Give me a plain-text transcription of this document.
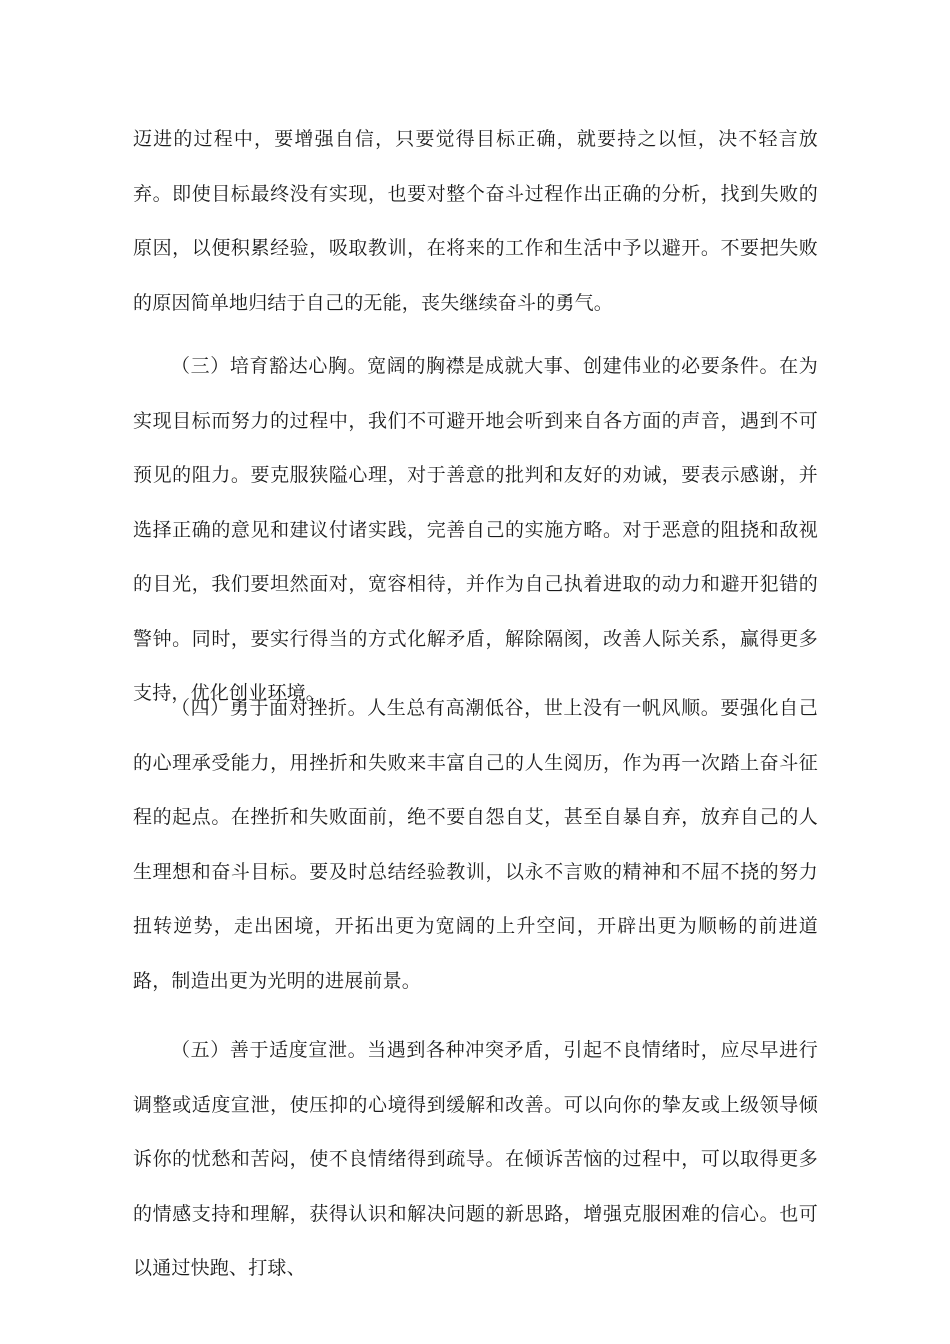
迈进的过程中，要增强自信，只要觉得目标正确，就要持之以恒，决不轻言放弃。即使目标最终没有实现，也要对整个奋斗过程作出正确的分析，找到失败的原因，以便积累经验，吸取教训，在将来的工作和生活中予以避开。不要把失败的原因简单地归结于自己的无能，丧失继续奋斗的勇气。

（三）培育豁达心胸。宽阔的胸襟是成就大事、创建伟业的必要条件。在为实现目标而努力的过程中，我们不可避开地会听到来自各方面的声音，遇到不可预见的阻力。要克服狭隘心理，对于善意的批判和友好的劝诫，要表示感谢，并选择正确的意见和建议付诸实践，完善自己的实施方略。对于恶意的阻挠和敌视的目光，我们要坦然面对，宽容相待，并作为自己执着进取的动力和避开犯错的警钟。同时，要实行得当的方式化解矛盾，解除隔阂，改善人际关系，赢得更多支持，优化创业环境。

（四）勇于面对挫折。人生总有高潮低谷，世上没有一帆风顺。要强化自己的心理承受能力，用挫折和失败来丰富自己的人生阅历，作为再一次踏上奋斗征程的起点。在挫折和失败面前，绝不要自怨自艾，甚至自暴自弃，放弃自己的人生理想和奋斗目标。要及时总结经验教训，以永不言败的精神和不屈不挠的努力扭转逆势，走出困境，开拓出更为宽阔的上升空间，开辟出更为顺畅的前进道路，制造出更为光明的进展前景。

（五）善于适度宣泄。当遇到各种冲突矛盾，引起不良情绪时，应尽早进行调整或适度宣泄，使压抑的心境得到缓解和改善。可以向你的挚友或上级领导倾诉你的忧愁和苦闷，使不良情绪得到疏导。在倾诉苦恼的过程中，可以取得更多的情感支持和理解，获得认识和解决问题的新思路，增强克服困难的信心。也可以通过快跑、打球、
